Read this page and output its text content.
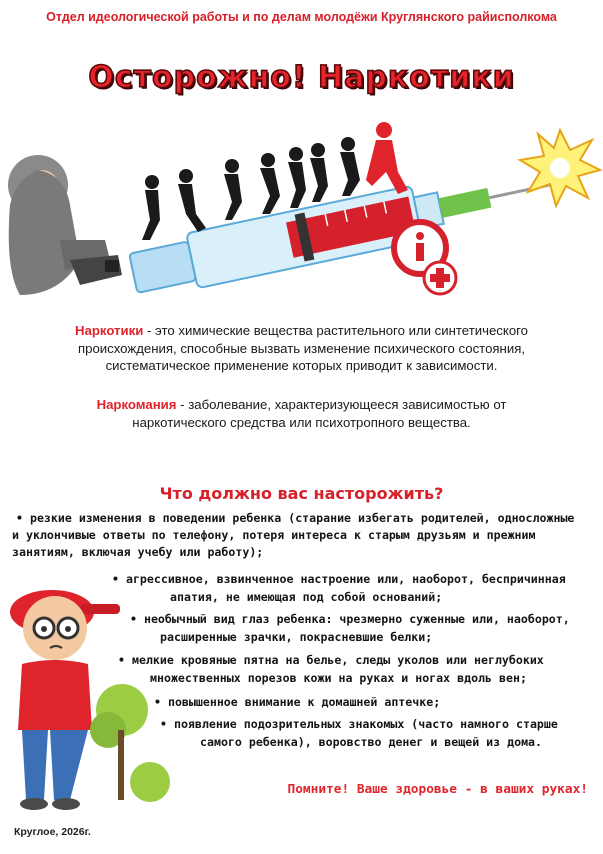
Отдел идеологической работы и по делам молодёжи Круглянского райисполкома
Осторожно! Наркотики
Наркотики - это химические вещества растительного или синтетического
происхождения, способные вызвать изменение психического состояния,
систематическое применение которых приводит к зависимости.
Наркомания - заболевание, характеризующееся зависимостью от
наркотического средства или психотропного вещества.
Что должно вас насторожить?
• резкие изменения в поведении ребенка (старание избегать родителей, односложные
и уклончивые ответы по телефону, потеря интереса к старым друзьям и прежним
занятиям, включая учебу или работу);
• агрессивное, взвинченное настроение или, наоборот, беспричинная
апатия, не имеющая под собой оснований;
• необычный вид глаз ребенка: чрезмерно суженные или, наоборот,
расширенные зрачки, покрасневшие белки;
• мелкие кровяные пятна на белье, следы уколов или неглубоких
множественных порезов кожи на руках и ногах вдоль вен;
• повышенное внимание к домашней аптечке;
• появление подозрительных знакомых (часто намного старше
самого ребенка), воровство денег и вещей из дома.
Помните! Ваше здоровье - в ваших руках!
Круглое, 2026г.
